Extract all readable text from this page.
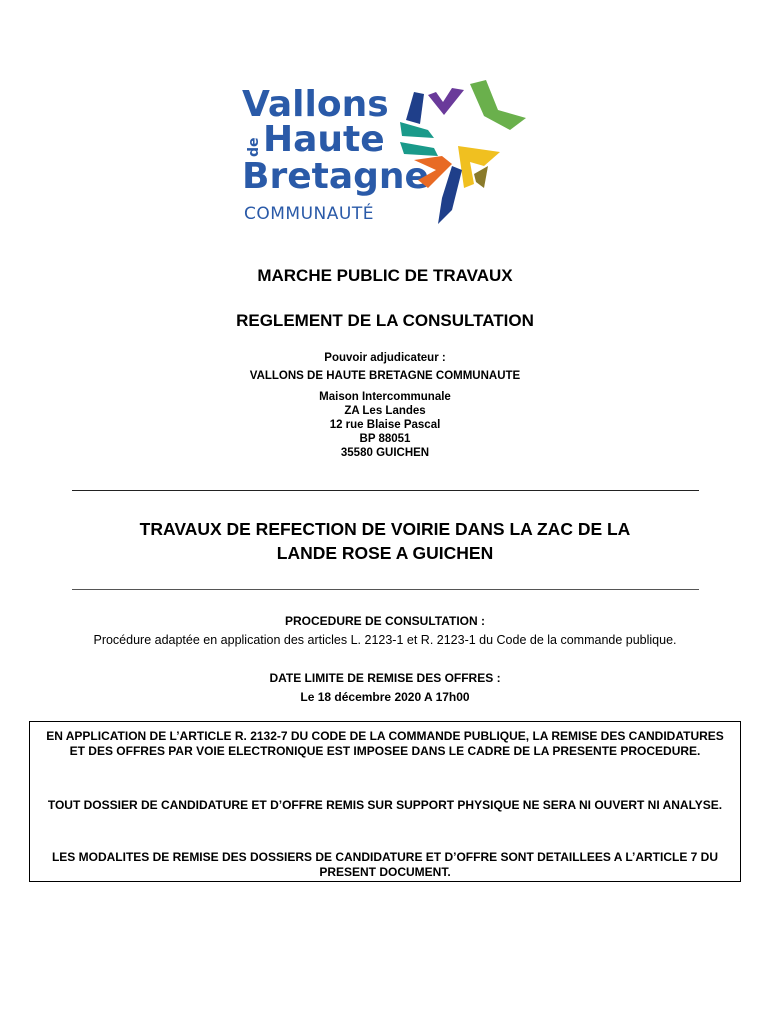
Vallons
de Haute
Bretagne
COMMUNAUTÉ
MARCHE PUBLIC DE TRAVAUX
REGLEMENT DE LA CONSULTATION
Pouvoir adjudicateur :
VALLONS DE HAUTE BRETAGNE COMMUNAUTE
Maison Intercommunale
ZA Les Landes
12 rue Blaise Pascal
BP 88051
35580 GUICHEN
TRAVAUX DE REFECTION DE VOIRIE DANS LA ZAC DE LA
LANDE ROSE A GUICHEN
PROCEDURE DE CONSULTATION :
Procédure adaptée en application des articles L. 2123-1 et R. 2123-1 du Code de la commande publique.
DATE LIMITE DE REMISE DES OFFRES :
Le 18 décembre 2020 A 17h00

EN APPLICATION DE L’ARTICLE R. 2132-7 DU CODE DE LA COMMANDE PUBLIQUE, LA REMISE DES CANDIDATURES ET DES OFFRES PAR VOIE ELECTRONIQUE EST IMPOSEE DANS LE CADRE DE LA PRESENTE PROCEDURE.

TOUT DOSSIER DE CANDIDATURE ET D’OFFRE REMIS SUR SUPPORT PHYSIQUE NE SERA NI OUVERT NI ANALYSE.

LES MODALITES DE REMISE DES DOSSIERS DE CANDIDATURE ET D’OFFRE SONT DETAILLEES A L’ARTICLE 7 DU PRESENT DOCUMENT.
